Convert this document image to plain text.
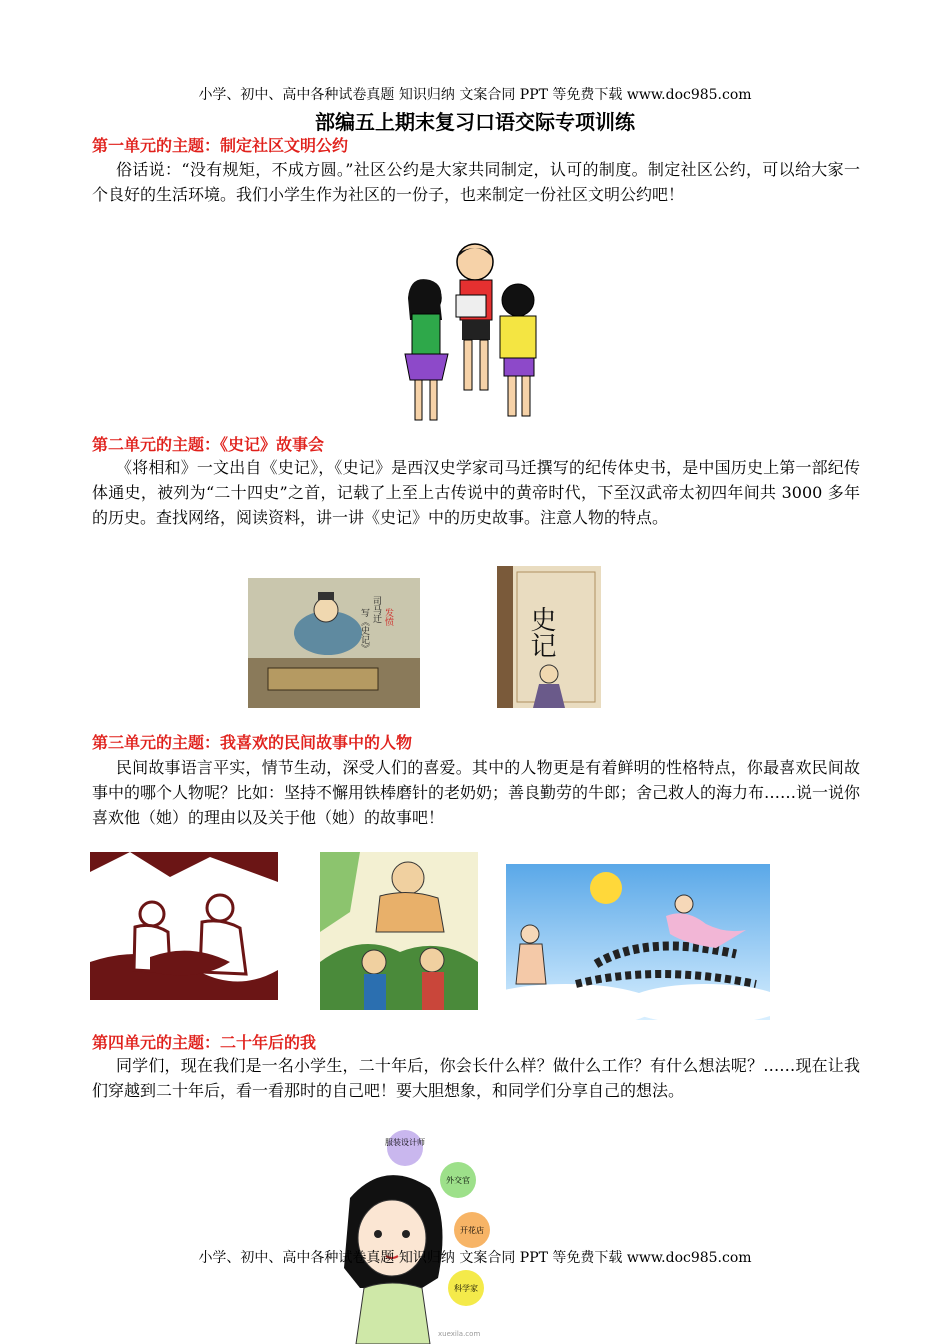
小学、初中、高中各种试卷真题 知识归纳 文案合同 PPT 等免费下载 www.doc985.com
部编五上期末复习口语交际专项训练
第一单元的主题：制定社区文明公约
俗话说：“没有规矩，不成方圆。”社区公约是大家共同制定，认可的制度。制定社区公约，可以给大家一个良好的生活环境。我们小学生作为社区的一份子，也来制定一份社区文明公约吧！
第二单元的主题：《史记》故事会
《将相和》一文出自《史记》，《史记》是西汉史学家司马迁撰写的纪传体史书，是中国历史上第一部纪传体通史，被列为“二十四史”之首，记载了上至上古传说中的黄帝时代，下至汉武帝太初四年间共 3000 多年的历史。查找网络，阅读资料，讲一讲《史记》中的历史故事。注意人物的特点。
司马迁
写《史记》 发愤	史记
第三单元的主题：我喜欢的民间故事中的人物
民间故事语言平实，情节生动，深受人们的喜爱。其中的人物更是有着鲜明的性格特点，你最喜欢民间故事中的哪个人物呢？比如：坚持不懈用铁棒磨针的老奶奶；善良勤劳的牛郎；舍己救人的海力布……说一说你喜欢他（她）的理由以及关于他（她）的故事吧！
第四单元的主题：二十年后的我
同学们，现在我们是一名小学生，二十年后，你会长什么样？做什么工作？有什么想法呢？……现在让我们穿越到二十年后，看一看那时的自己吧！要大胆想象，和同学们分享自己的想法。
服装设计师
外交官
开花店
科学家
xuexila.com
小学、初中、高中各种试卷真题 知识归纳 文案合同 PPT 等免费下载 www.doc985.com
